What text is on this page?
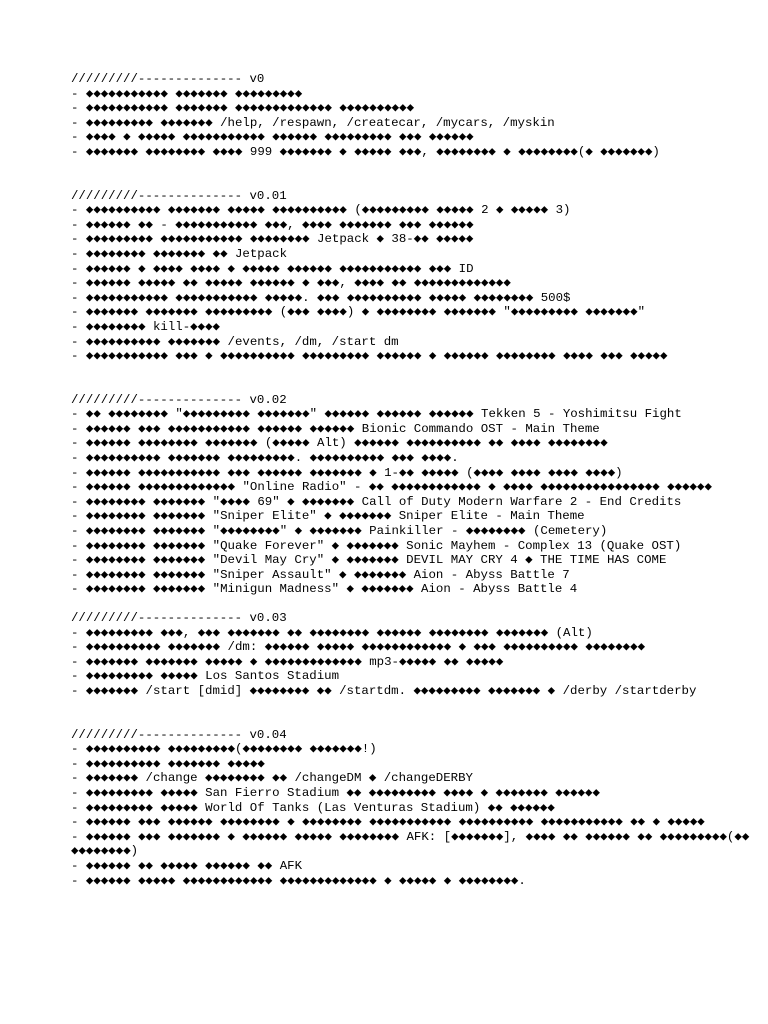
/////////-------------- v0
- ◆◆◆◆◆◆◆◆◆◆◆ ◆◆◆◆◆◆◆ ◆◆◆◆◆◆◆◆◆
- ◆◆◆◆◆◆◆◆◆◆◆ ◆◆◆◆◆◆◆ ◆◆◆◆◆◆◆◆◆◆◆◆◆ ◆◆◆◆◆◆◆◆◆◆
- ◆◆◆◆◆◆◆◆◆ ◆◆◆◆◆◆◆ /help, /respawn, /createcar, /mycars, /myskin
- ◆◆◆◆ ◆ ◆◆◆◆◆ ◆◆◆◆◆◆◆◆◆◆◆ ◆◆◆◆◆◆ ◆◆◆◆◆◆◆◆◆ ◆◆◆ ◆◆◆◆◆◆
- ◆◆◆◆◆◆◆ ◆◆◆◆◆◆◆◆ ◆◆◆◆ 999 ◆◆◆◆◆◆◆ ◆ ◆◆◆◆◆ ◆◆◆, ◆◆◆◆◆◆◆◆ ◆ ◆◆◆◆◆◆◆◆(◆ ◆◆◆◆◆◆◆)
/////////-------------- v0.01
- ◆◆◆◆◆◆◆◆◆◆ ◆◆◆◆◆◆◆ ◆◆◆◆◆ ◆◆◆◆◆◆◆◆◆◆ (◆◆◆◆◆◆◆◆◆ ◆◆◆◆◆ 2 ◆ ◆◆◆◆◆ 3)
- ◆◆◆◆◆◆ ◆◆ - ◆◆◆◆◆◆◆◆◆◆◆ ◆◆◆, ◆◆◆◆ ◆◆◆◆◆◆◆ ◆◆◆ ◆◆◆◆◆◆
- ◆◆◆◆◆◆◆◆◆ ◆◆◆◆◆◆◆◆◆◆◆ ◆◆◆◆◆◆◆◆ Jetpack ◆ 38-◆◆ ◆◆◆◆◆
- ◆◆◆◆◆◆◆◆ ◆◆◆◆◆◆◆ ◆◆ Jetpack
- ◆◆◆◆◆◆ ◆ ◆◆◆◆ ◆◆◆◆ ◆ ◆◆◆◆◆ ◆◆◆◆◆◆ ◆◆◆◆◆◆◆◆◆◆◆ ◆◆◆ ID
- ◆◆◆◆◆◆ ◆◆◆◆◆ ◆◆ ◆◆◆◆◆ ◆◆◆◆◆◆ ◆ ◆◆◆, ◆◆◆◆ ◆◆ ◆◆◆◆◆◆◆◆◆◆◆◆◆
- ◆◆◆◆◆◆◆◆◆◆◆ ◆◆◆◆◆◆◆◆◆◆◆ ◆◆◆◆◆. ◆◆◆ ◆◆◆◆◆◆◆◆◆◆ ◆◆◆◆◆ ◆◆◆◆◆◆◆◆ 500$
- ◆◆◆◆◆◆◆ ◆◆◆◆◆◆◆ ◆◆◆◆◆◆◆◆◆ (◆◆◆ ◆◆◆◆) ◆ ◆◆◆◆◆◆◆◆ ◆◆◆◆◆◆◆ "◆◆◆◆◆◆◆◆◆ ◆◆◆◆◆◆◆"
- ◆◆◆◆◆◆◆◆ kill-◆◆◆◆
- ◆◆◆◆◆◆◆◆◆◆ ◆◆◆◆◆◆◆ /events, /dm, /start dm
- ◆◆◆◆◆◆◆◆◆◆◆ ◆◆◆ ◆ ◆◆◆◆◆◆◆◆◆◆ ◆◆◆◆◆◆◆◆◆ ◆◆◆◆◆◆ ◆ ◆◆◆◆◆◆ ◆◆◆◆◆◆◆◆ ◆◆◆◆ ◆◆◆ ◆◆◆◆◆
/////////-------------- v0.02
- ◆◆ ◆◆◆◆◆◆◆◆ "◆◆◆◆◆◆◆◆◆ ◆◆◆◆◆◆◆" ◆◆◆◆◆◆ ◆◆◆◆◆◆ ◆◆◆◆◆◆ Tekken 5 - Yoshimitsu Fight
- ◆◆◆◆◆◆ ◆◆◆ ◆◆◆◆◆◆◆◆◆◆◆ ◆◆◆◆◆◆ ◆◆◆◆◆◆ Bionic Commando OST - Main Theme
- ◆◆◆◆◆◆ ◆◆◆◆◆◆◆◆ ◆◆◆◆◆◆◆ (◆◆◆◆◆ Alt) ◆◆◆◆◆◆ ◆◆◆◆◆◆◆◆◆◆ ◆◆ ◆◆◆◆ ◆◆◆◆◆◆◆◆
- ◆◆◆◆◆◆◆◆◆◆ ◆◆◆◆◆◆◆ ◆◆◆◆◆◆◆◆◆. ◆◆◆◆◆◆◆◆◆◆ ◆◆◆ ◆◆◆◆.
- ◆◆◆◆◆◆ ◆◆◆◆◆◆◆◆◆◆◆ ◆◆◆ ◆◆◆◆◆◆ ◆◆◆◆◆◆◆ ◆ 1-◆◆ ◆◆◆◆◆ (◆◆◆◆ ◆◆◆◆ ◆◆◆◆ ◆◆◆◆)
- ◆◆◆◆◆◆ ◆◆◆◆◆◆◆◆◆◆◆◆◆ "Online Radio" - ◆◆ ◆◆◆◆◆◆◆◆◆◆◆◆ ◆ ◆◆◆◆ ◆◆◆◆◆◆◆◆◆◆◆◆◆◆◆◆ ◆◆◆◆◆◆
- ◆◆◆◆◆◆◆◆ ◆◆◆◆◆◆◆ "◆◆◆◆ 69" ◆ ◆◆◆◆◆◆◆ Call of Duty Modern Warfare 2 - End Credits
- ◆◆◆◆◆◆◆◆ ◆◆◆◆◆◆◆ "Sniper Elite" ◆ ◆◆◆◆◆◆◆ Sniper Elite - Main Theme
- ◆◆◆◆◆◆◆◆ ◆◆◆◆◆◆◆ "◆◆◆◆◆◆◆◆" ◆ ◆◆◆◆◆◆◆ Painkiller - ◆◆◆◆◆◆◆◆ (Cemetery)
- ◆◆◆◆◆◆◆◆ ◆◆◆◆◆◆◆ "Quake Forever" ◆ ◆◆◆◆◆◆◆ Sonic Mayhem - Complex 13 (Quake OST)
- ◆◆◆◆◆◆◆◆ ◆◆◆◆◆◆◆ "Devil May Cry" ◆ ◆◆◆◆◆◆◆ DEVIL MAY CRY 4 ◆ THE TIME HAS COME
- ◆◆◆◆◆◆◆◆ ◆◆◆◆◆◆◆ "Sniper Assault" ◆ ◆◆◆◆◆◆◆ Aion - Abyss Battle 7
- ◆◆◆◆◆◆◆◆ ◆◆◆◆◆◆◆ "Minigun Madness" ◆ ◆◆◆◆◆◆◆ Aion - Abyss Battle 4
/////////-------------- v0.03
- ◆◆◆◆◆◆◆◆◆ ◆◆◆, ◆◆◆ ◆◆◆◆◆◆◆ ◆◆ ◆◆◆◆◆◆◆◆ ◆◆◆◆◆◆ ◆◆◆◆◆◆◆◆ ◆◆◆◆◆◆◆ (Alt)
- ◆◆◆◆◆◆◆◆◆◆ ◆◆◆◆◆◆◆ /dm: ◆◆◆◆◆◆ ◆◆◆◆◆ ◆◆◆◆◆◆◆◆◆◆◆◆ ◆ ◆◆◆ ◆◆◆◆◆◆◆◆◆◆ ◆◆◆◆◆◆◆◆
- ◆◆◆◆◆◆◆ ◆◆◆◆◆◆◆ ◆◆◆◆◆ ◆ ◆◆◆◆◆◆◆◆◆◆◆◆◆ mp3-◆◆◆◆◆ ◆◆ ◆◆◆◆◆
- ◆◆◆◆◆◆◆◆◆ ◆◆◆◆◆ Los Santos Stadium
- ◆◆◆◆◆◆◆ /start [dmid] ◆◆◆◆◆◆◆◆ ◆◆ /startdm. ◆◆◆◆◆◆◆◆◆ ◆◆◆◆◆◆◆ ◆ /derby /startderby
/////////-------------- v0.04
- ◆◆◆◆◆◆◆◆◆◆ ◆◆◆◆◆◆◆◆◆(◆◆◆◆◆◆◆◆ ◆◆◆◆◆◆◆!)
- ◆◆◆◆◆◆◆◆◆◆ ◆◆◆◆◆◆◆ ◆◆◆◆◆
- ◆◆◆◆◆◆◆ /change ◆◆◆◆◆◆◆◆ ◆◆ /changeDM ◆ /changeDERBY
- ◆◆◆◆◆◆◆◆◆ ◆◆◆◆◆ San Fierro Stadium ◆◆ ◆◆◆◆◆◆◆◆◆ ◆◆◆◆ ◆ ◆◆◆◆◆◆◆ ◆◆◆◆◆◆
- ◆◆◆◆◆◆◆◆◆ ◆◆◆◆◆ World Of Tanks (Las Venturas Stadium) ◆◆ ◆◆◆◆◆◆
- ◆◆◆◆◆◆ ◆◆◆ ◆◆◆◆◆◆ ◆◆◆◆◆◆◆◆ ◆ ◆◆◆◆◆◆◆◆ ◆◆◆◆◆◆◆◆◆◆◆ ◆◆◆◆◆◆◆◆◆◆ ◆◆◆◆◆◆◆◆◆◆◆ ◆◆ ◆ ◆◆◆◆◆
- ◆◆◆◆◆◆ ◆◆◆ ◆◆◆◆◆◆◆ ◆ ◆◆◆◆◆◆ ◆◆◆◆◆ ◆◆◆◆◆◆◆◆ AFK: [◆◆◆◆◆◆◆], ◆◆◆◆ ◆◆ ◆◆◆◆◆◆ ◆◆ ◆◆◆◆◆◆◆◆◆(◆◆ ◆◆◆◆◆◆◆◆)
- ◆◆◆◆◆◆ ◆◆ ◆◆◆◆◆ ◆◆◆◆◆◆ ◆◆ AFK
- ◆◆◆◆◆◆ ◆◆◆◆◆ ◆◆◆◆◆◆◆◆◆◆◆◆ ◆◆◆◆◆◆◆◆◆◆◆◆◆ ◆ ◆◆◆◆◆ ◆ ◆◆◆◆◆◆◆◆.
